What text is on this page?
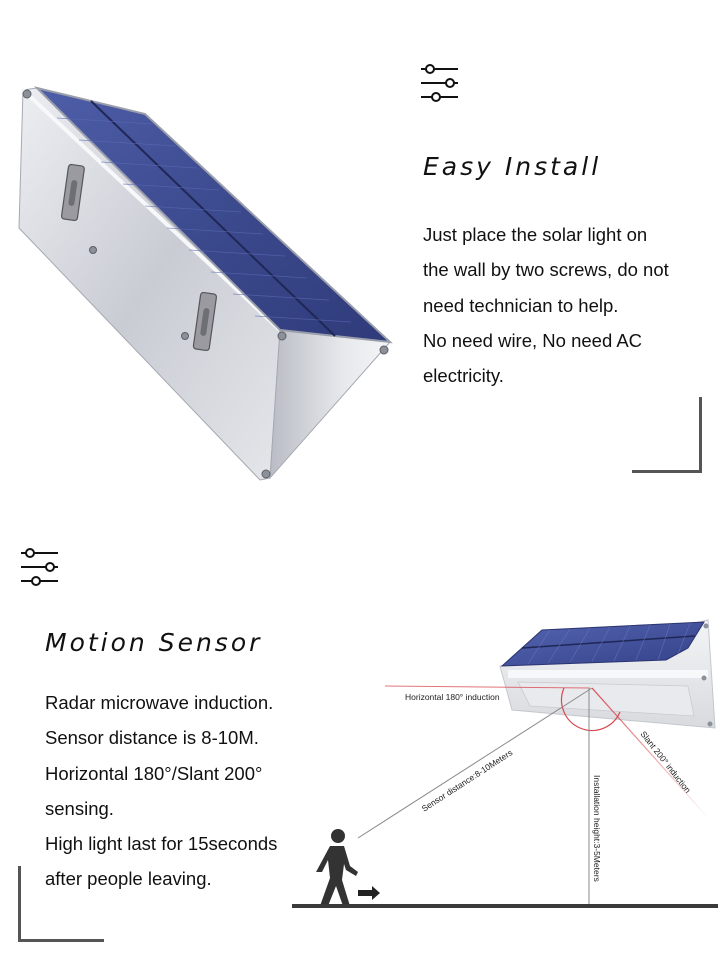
Easy Install
Just place the solar light on
the wall by two screws, do not
need technician to help.
No need wire, No need AC
electricity.
Motion Sensor
Radar microwave induction.
Sensor distance is 8-10M.
Horizontal 180°/Slant 200°
sensing.
High light last for 15seconds
after people leaving.
Horizontal 180° induction
Sensor distance:8-10Meters	Installation height:3-5Meters
Slant 200° induction
